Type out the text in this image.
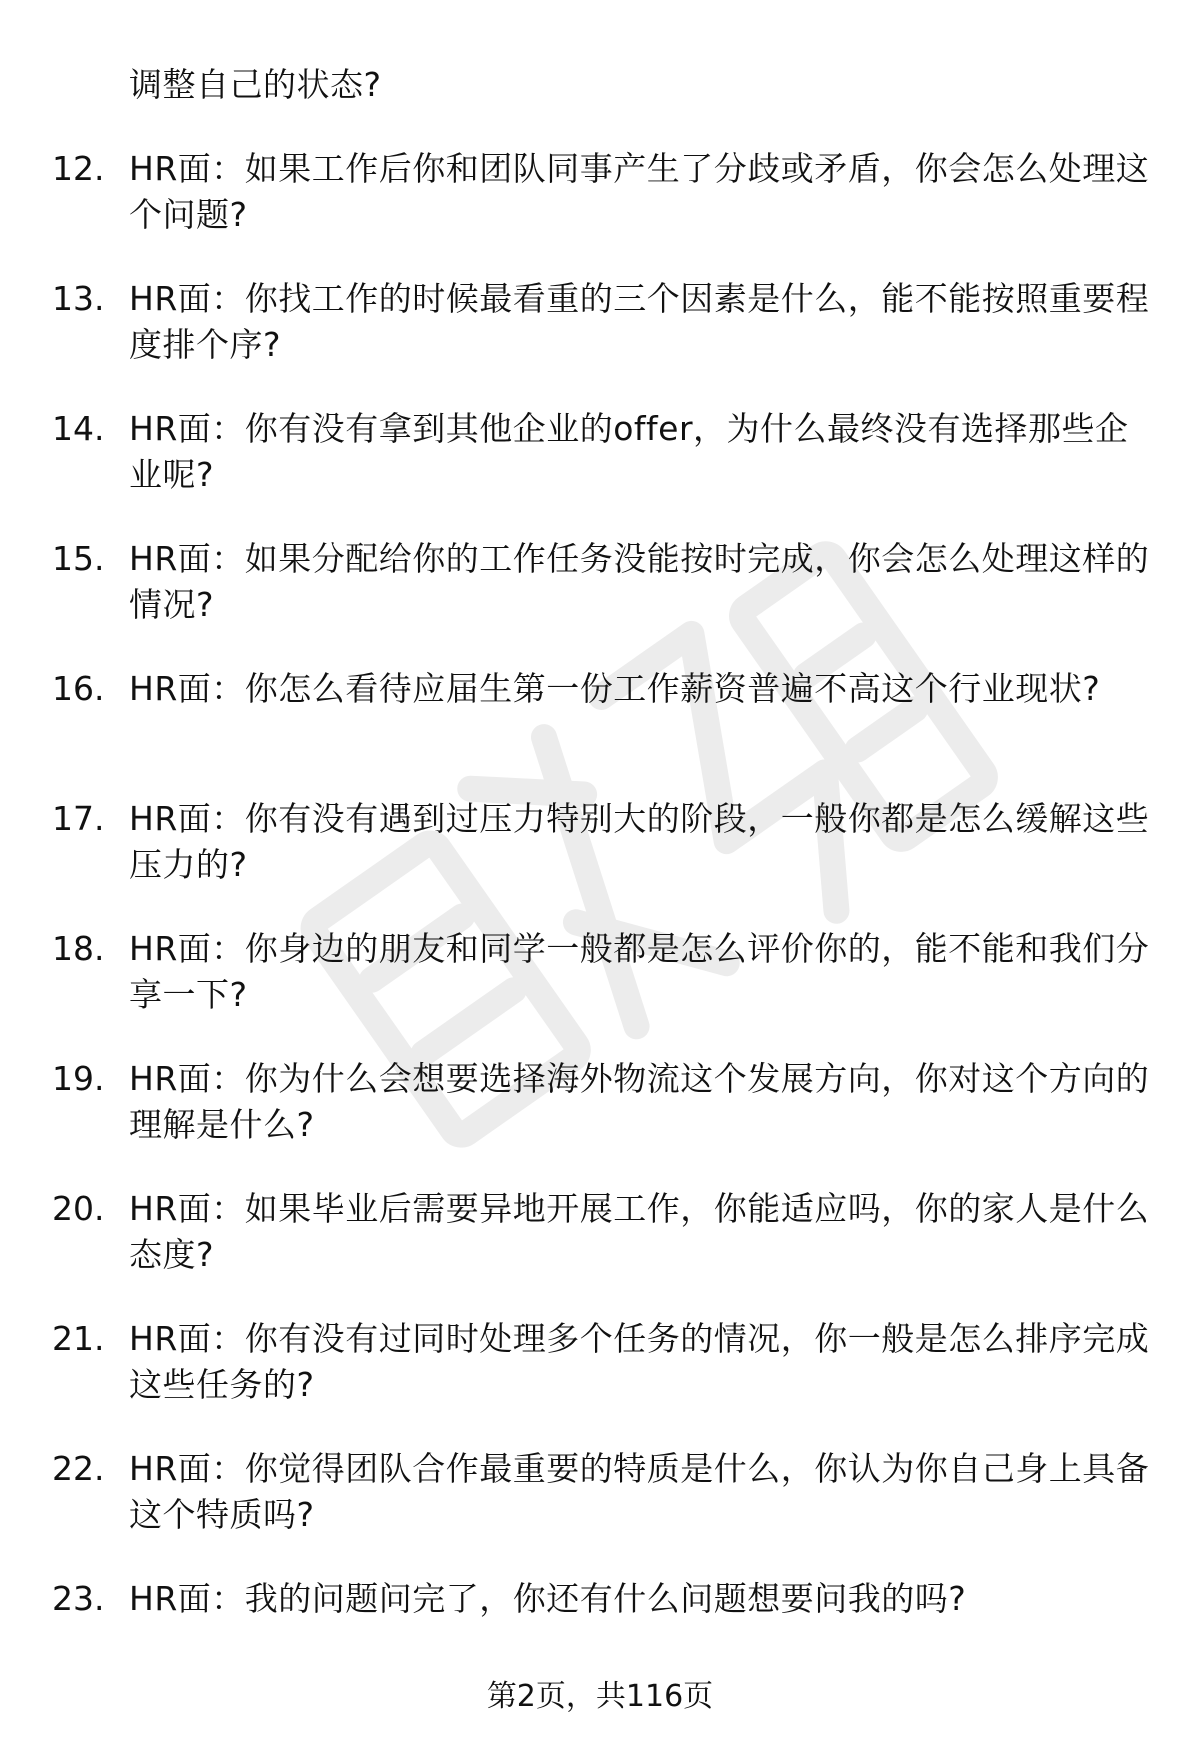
调整自己的状态?
12. HR面：如果工作后你和团队同事产生了分歧或矛盾，你会怎么处理这个问题?
13. HR面：你找工作的时候最看重的三个因素是什么，能不能按照重要程度排个序?
14. HR面：你有没有拿到其他企业的offer，为什么最终没有选择那些企业呢?
15. HR面：如果分配给你的工作任务没能按时完成，你会怎么处理这样的情况?
16. HR面：你怎么看待应届生第一份工作薪资普遍不高这个行业现状?
17. HR面：你有没有遇到过压力特别大的阶段，一般你都是怎么缓解这些压力的?
18. HR面：你身边的朋友和同学一般都是怎么评价你的，能不能和我们分享一下?
19. HR面：你为什么会想要选择海外物流这个发展方向，你对这个方向的理解是什么?
20. HR面：如果毕业后需要异地开展工作，你能适应吗，你的家人是什么态度?
21. HR面：你有没有过同时处理多个任务的情况，你一般是怎么排序完成这些任务的?
22. HR面：你觉得团队合作最重要的特质是什么，你认为你自己身上具备这个特质吗?
23. HR面：我的问题问完了，你还有什么问题想要问我的吗?
第2页，共116页
